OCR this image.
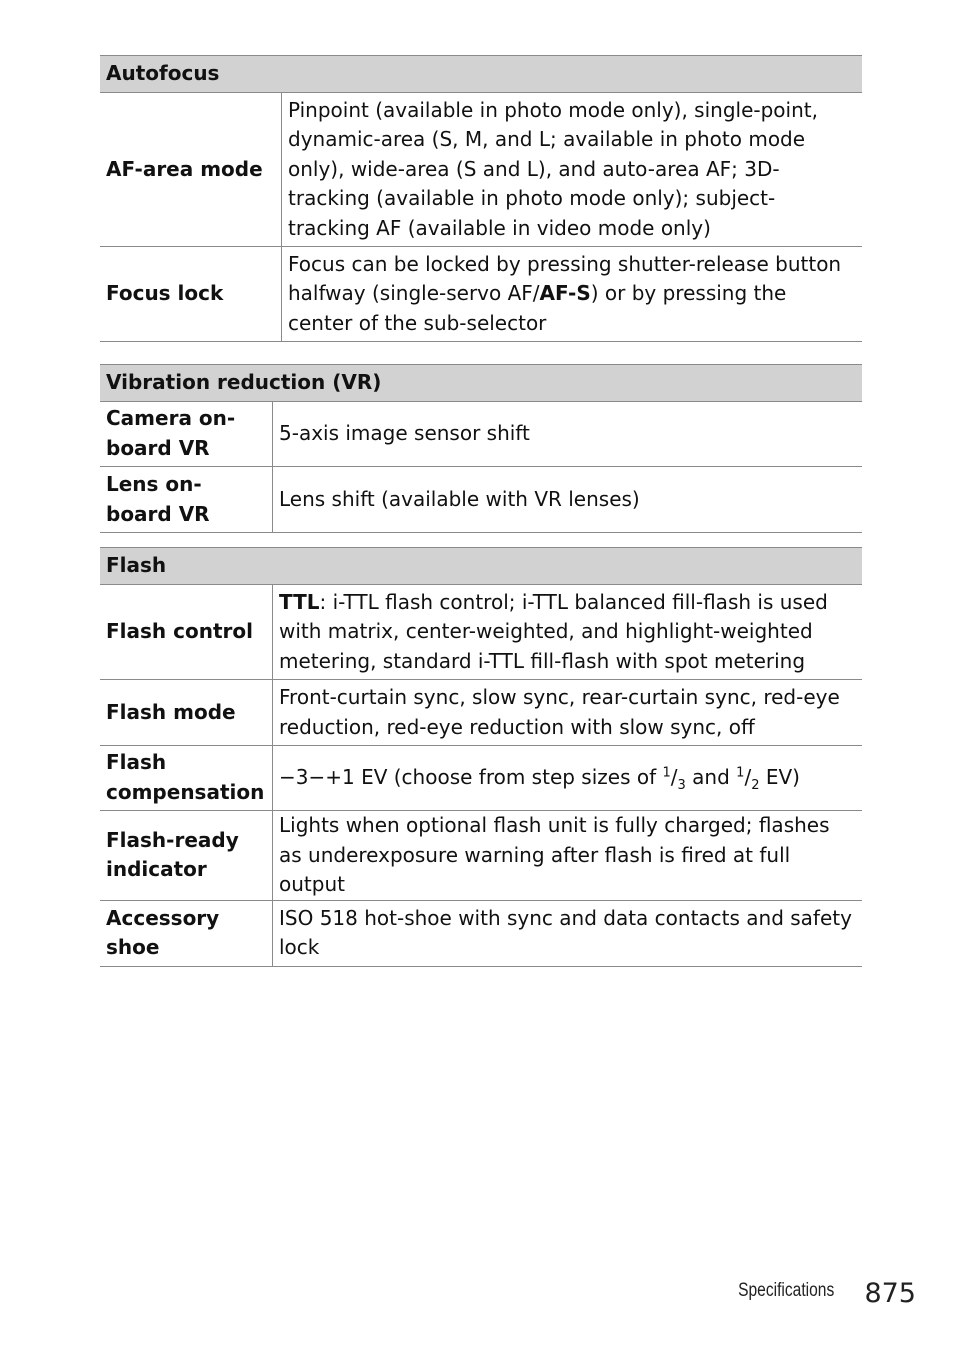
Autofocus	
AF-area mode	Pinpoint (available in photo mode only), single-point, dynamic-area (S, M, and L; available in photo mode only), wide-area (S and L), and auto-area AF; 3D-tracking (available in photo mode only); subject-tracking AF (available in video mode only)
Focus lock	Focus can be locked by pressing shutter-release button halfway (single-servo AF/AF-S) or by pressing the center of the sub-selector
Vibration reduction (VR)	
Camera on-board VR	5-axis image sensor shift
Lens on-board VR	Lens shift (available with VR lenses)
Flash	
Flash control	TTL: i-TTL flash control; i-TTL balanced fill-flash is used with matrix, center-weighted, and highlight-weighted metering, standard i-TTL fill-flash with spot metering
Flash mode	Front-curtain sync, slow sync, rear-curtain sync, red-eye reduction, red-eye reduction with slow sync, off
Flash compensation	−3−+1 EV (choose from step sizes of $^1/_3$ and $^1/_2$ EV)
Flash-ready indicator	Lights when optional flash unit is fully charged; flashes as underexposure warning after flash is fired at full output
Accessory shoe	ISO 518 hot-shoe with sync and data contacts and safety lock
Specifications 875
